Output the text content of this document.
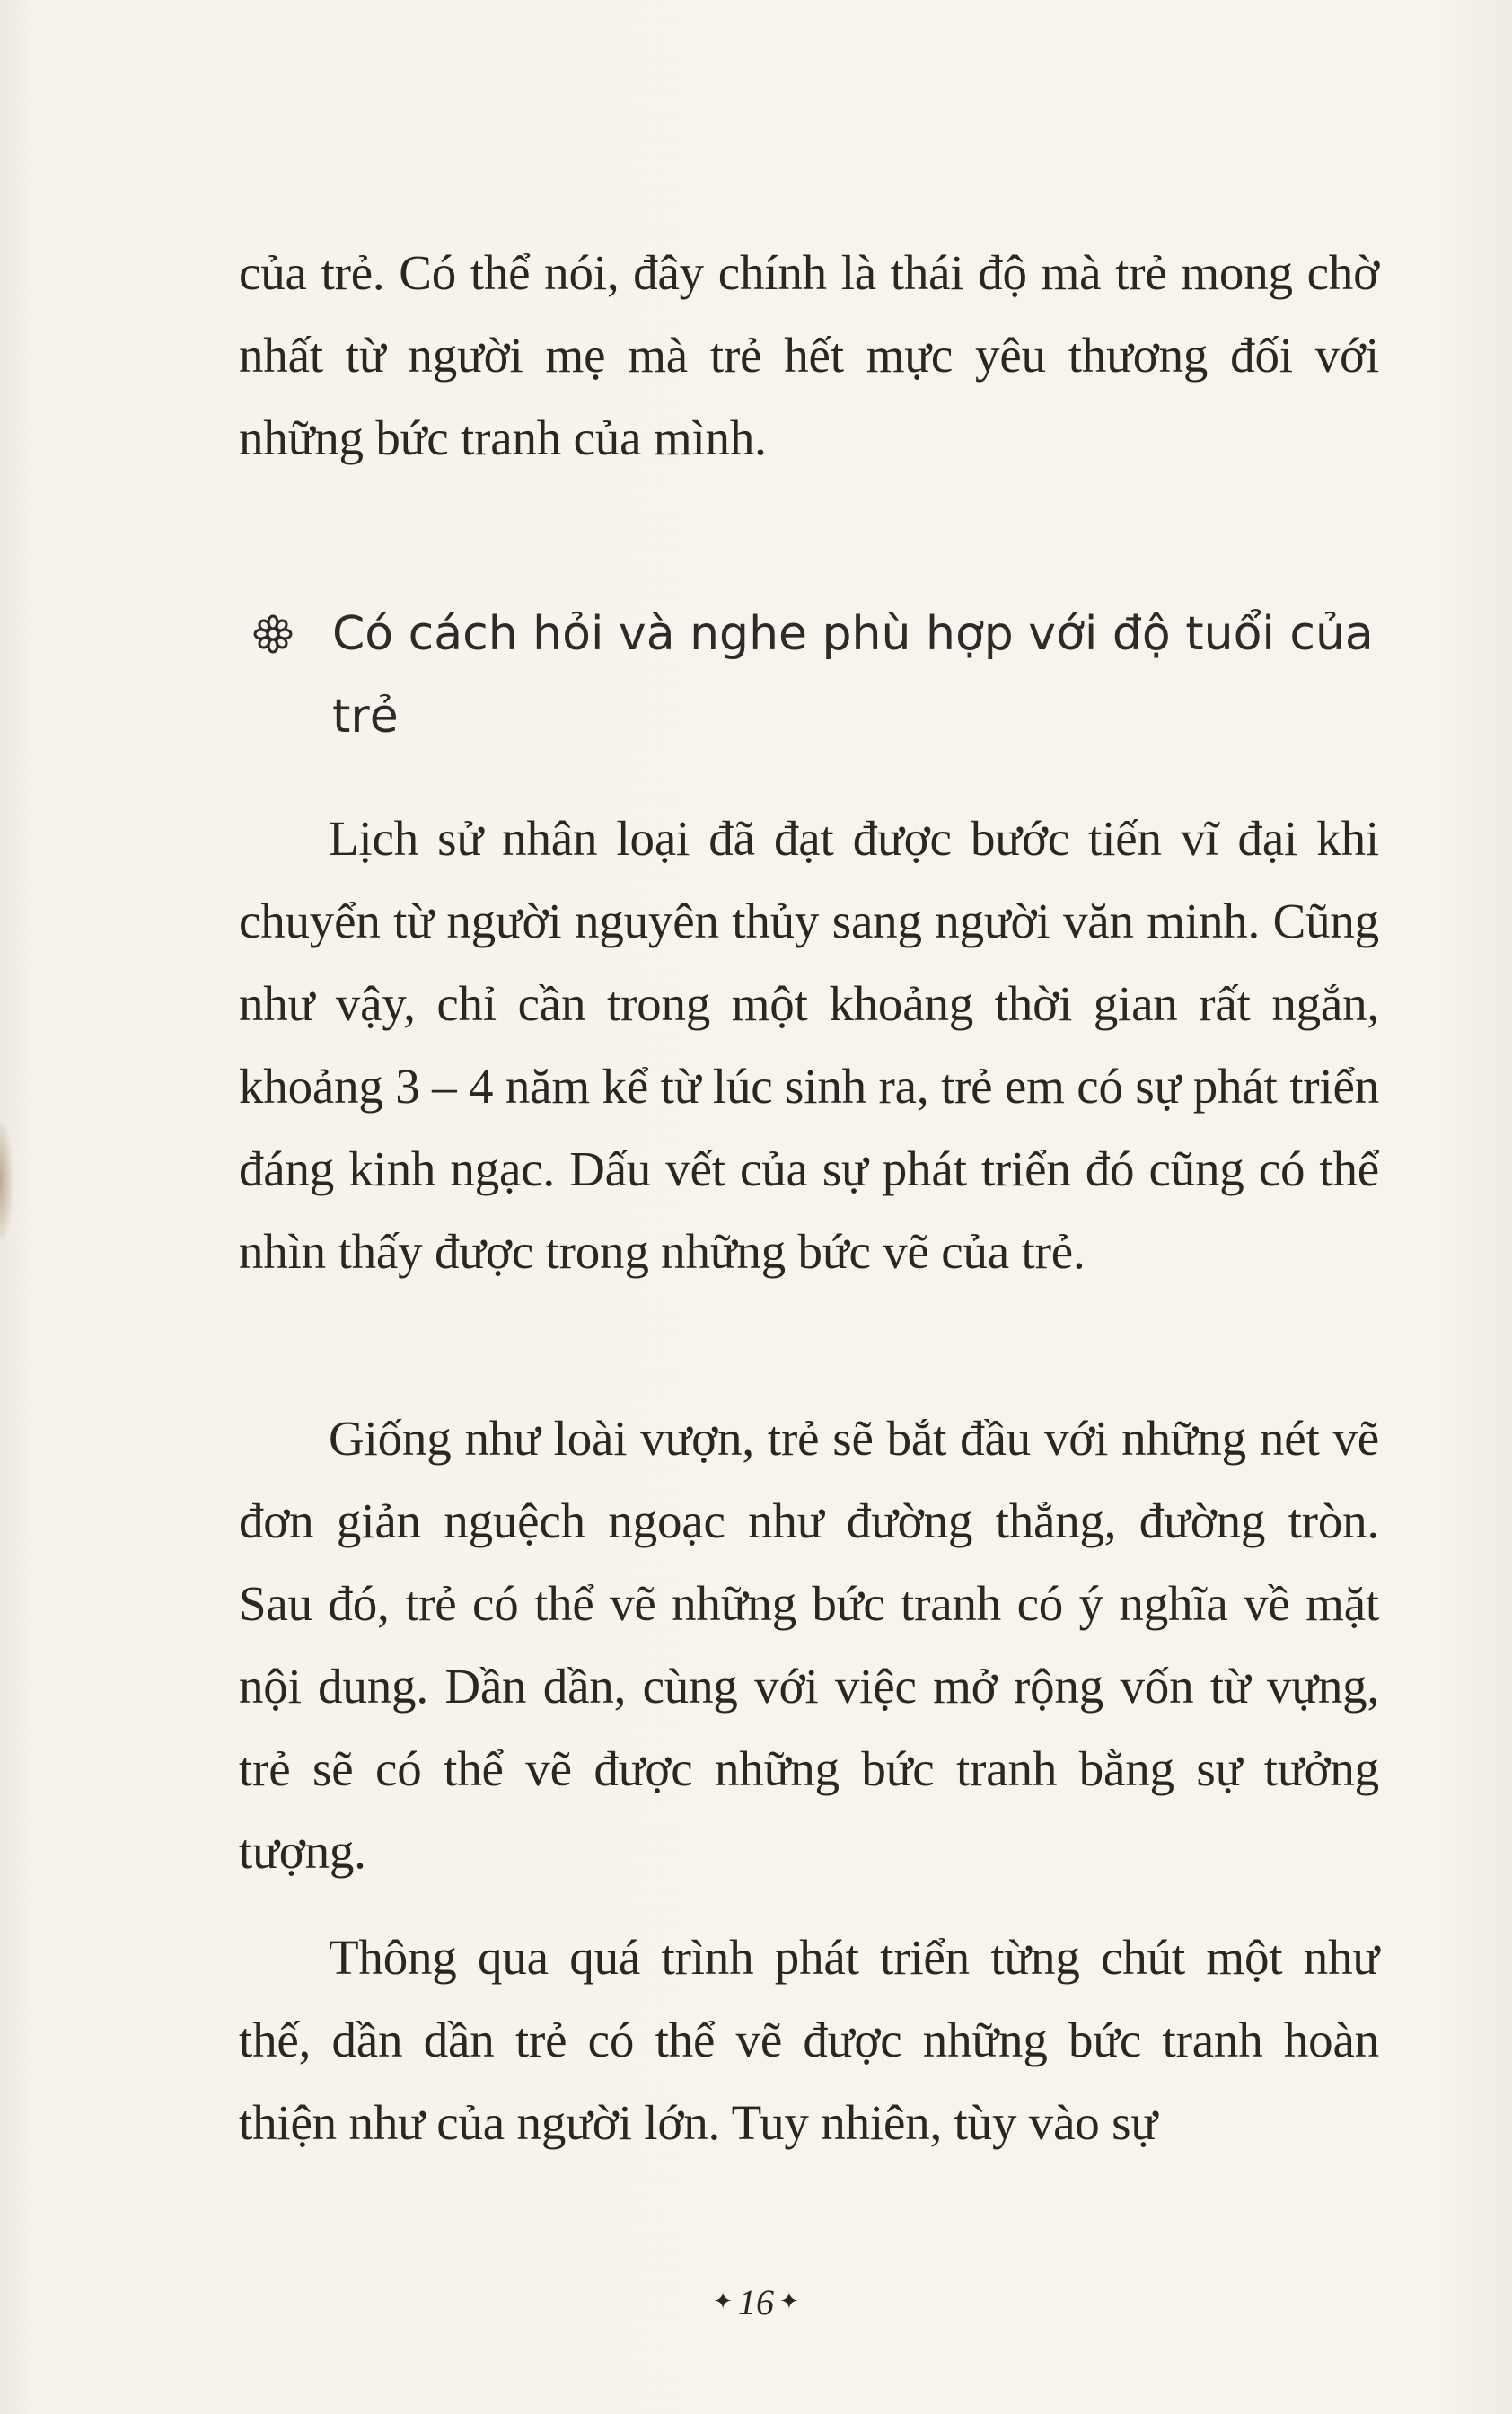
của trẻ. Có thể nói, đây chính là thái độ mà trẻ mong chờ nhất từ người mẹ mà trẻ hết mực yêu thương đối với những bức tranh của mình.

Có cách hỏi và nghe phù hợp với độ tuổi của trẻ

Lịch sử nhân loại đã đạt được bước tiến vĩ đại khi chuyển từ người nguyên thủy sang người văn minh. Cũng như vậy, chỉ cần trong một khoảng thời gian rất ngắn, khoảng 3 – 4 năm kể từ lúc sinh ra, trẻ em có sự phát triển đáng kinh ngạc. Dấu vết của sự phát triển đó cũng có thể nhìn thấy được trong những bức vẽ của trẻ.

Giống như loài vượn, trẻ sẽ bắt đầu với những nét vẽ đơn giản nguệch ngoạc như đường thẳng, đường tròn. Sau đó, trẻ có thể vẽ những bức tranh có ý nghĩa về mặt nội dung. Dần dần, cùng với việc mở rộng vốn từ vựng, trẻ sẽ có thể vẽ được những bức tranh bằng sự tưởng tượng.

Thông qua quá trình phát triển từng chút một như thế, dần dần trẻ có thể vẽ được những bức tranh hoàn thiện như của người lớn. Tuy nhiên, tùy vào sự

✦ 16 ✦
